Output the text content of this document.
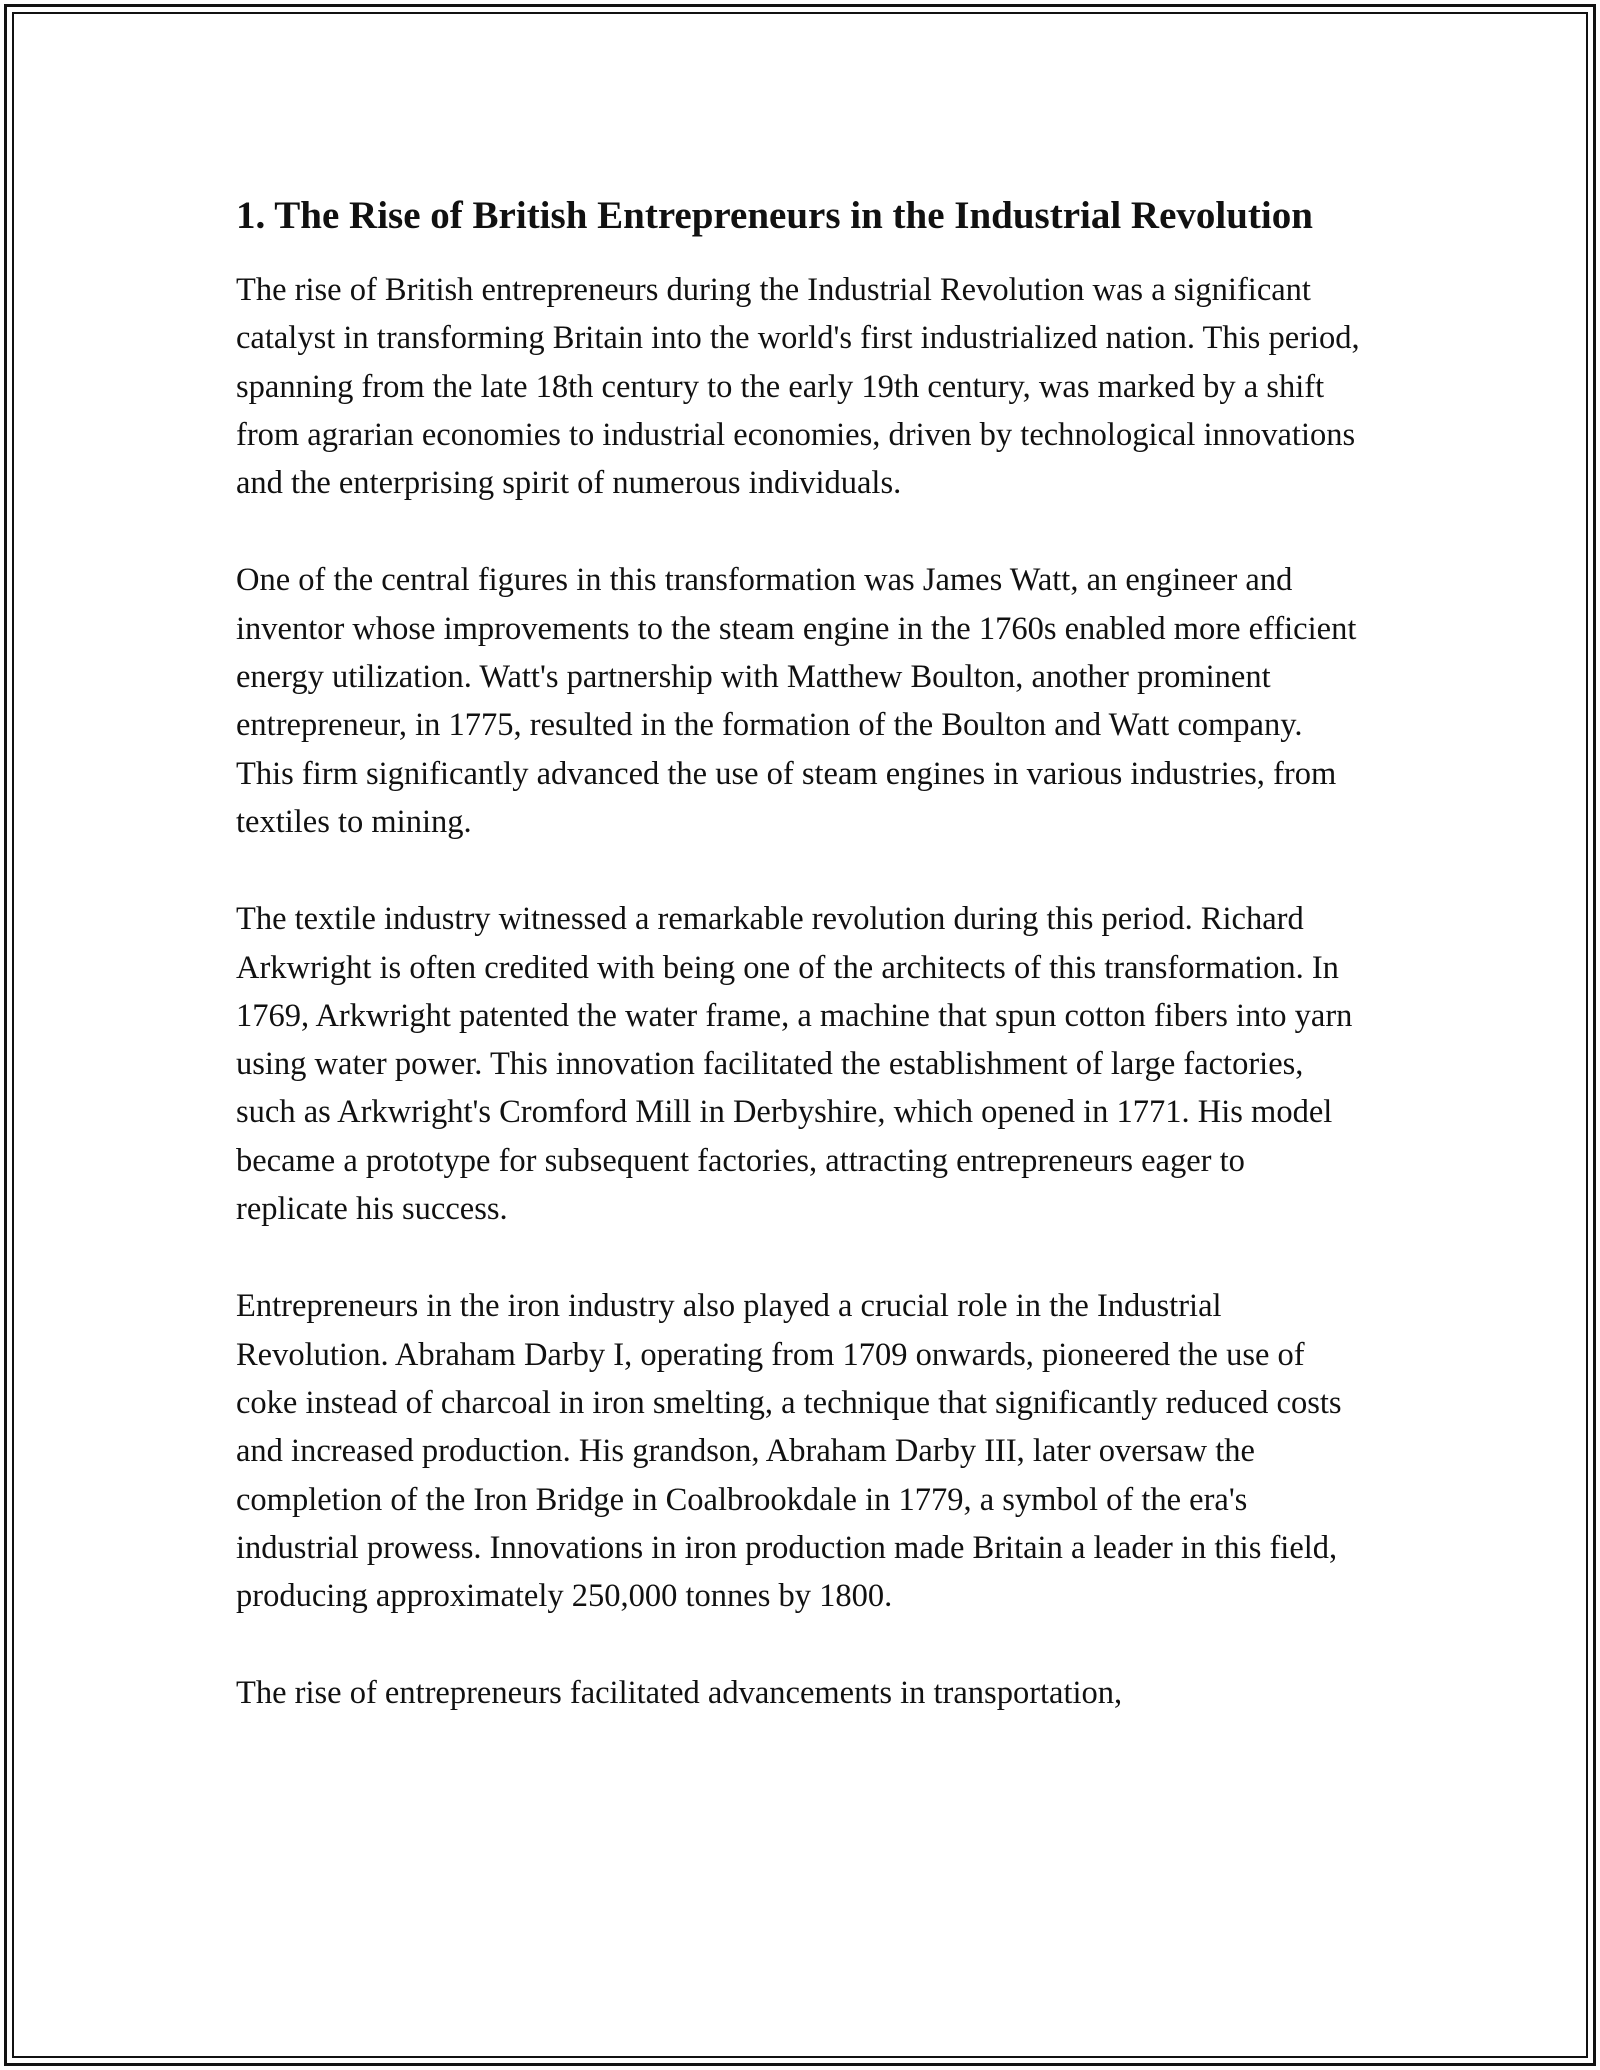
1. The Rise of British Entrepreneurs in the Industrial Revolution

The rise of British entrepreneurs during the Industrial Revolution was a significant catalyst in transforming Britain into the world's first industrialized nation. This period, spanning from the late 18th century to the early 19th century, was marked by a shift from agrarian economies to industrial economies, driven by technological innovations and the enterprising spirit of numerous individuals.

One of the central figures in this transformation was James Watt, an engineer and inventor whose improvements to the steam engine in the 1760s enabled more efficient energy utilization. Watt's partnership with Matthew Boulton, another prominent entrepreneur, in 1775, resulted in the formation of the Boulton and Watt company. This firm significantly advanced the use of steam engines in various industries, from textiles to mining.

The textile industry witnessed a remarkable revolution during this period. Richard Arkwright is often credited with being one of the architects of this transformation. In 1769, Arkwright patented the water frame, a machine that spun cotton fibers into yarn using water power. This innovation facilitated the establishment of large factories, such as Arkwright's Cromford Mill in Derbyshire, which opened in 1771. His model became a prototype for subsequent factories, attracting entrepreneurs eager to replicate his success.

Entrepreneurs in the iron industry also played a crucial role in the Industrial Revolution. Abraham Darby I, operating from 1709 onwards, pioneered the use of coke instead of charcoal in iron smelting, a technique that significantly reduced costs and increased production. His grandson, Abraham Darby III, later oversaw the completion of the Iron Bridge in Coalbrookdale in 1779, a symbol of the era's industrial prowess. Innovations in iron production made Britain a leader in this field, producing approximately 250,000 tonnes by 1800.

The rise of entrepreneurs facilitated advancements in transportation,
